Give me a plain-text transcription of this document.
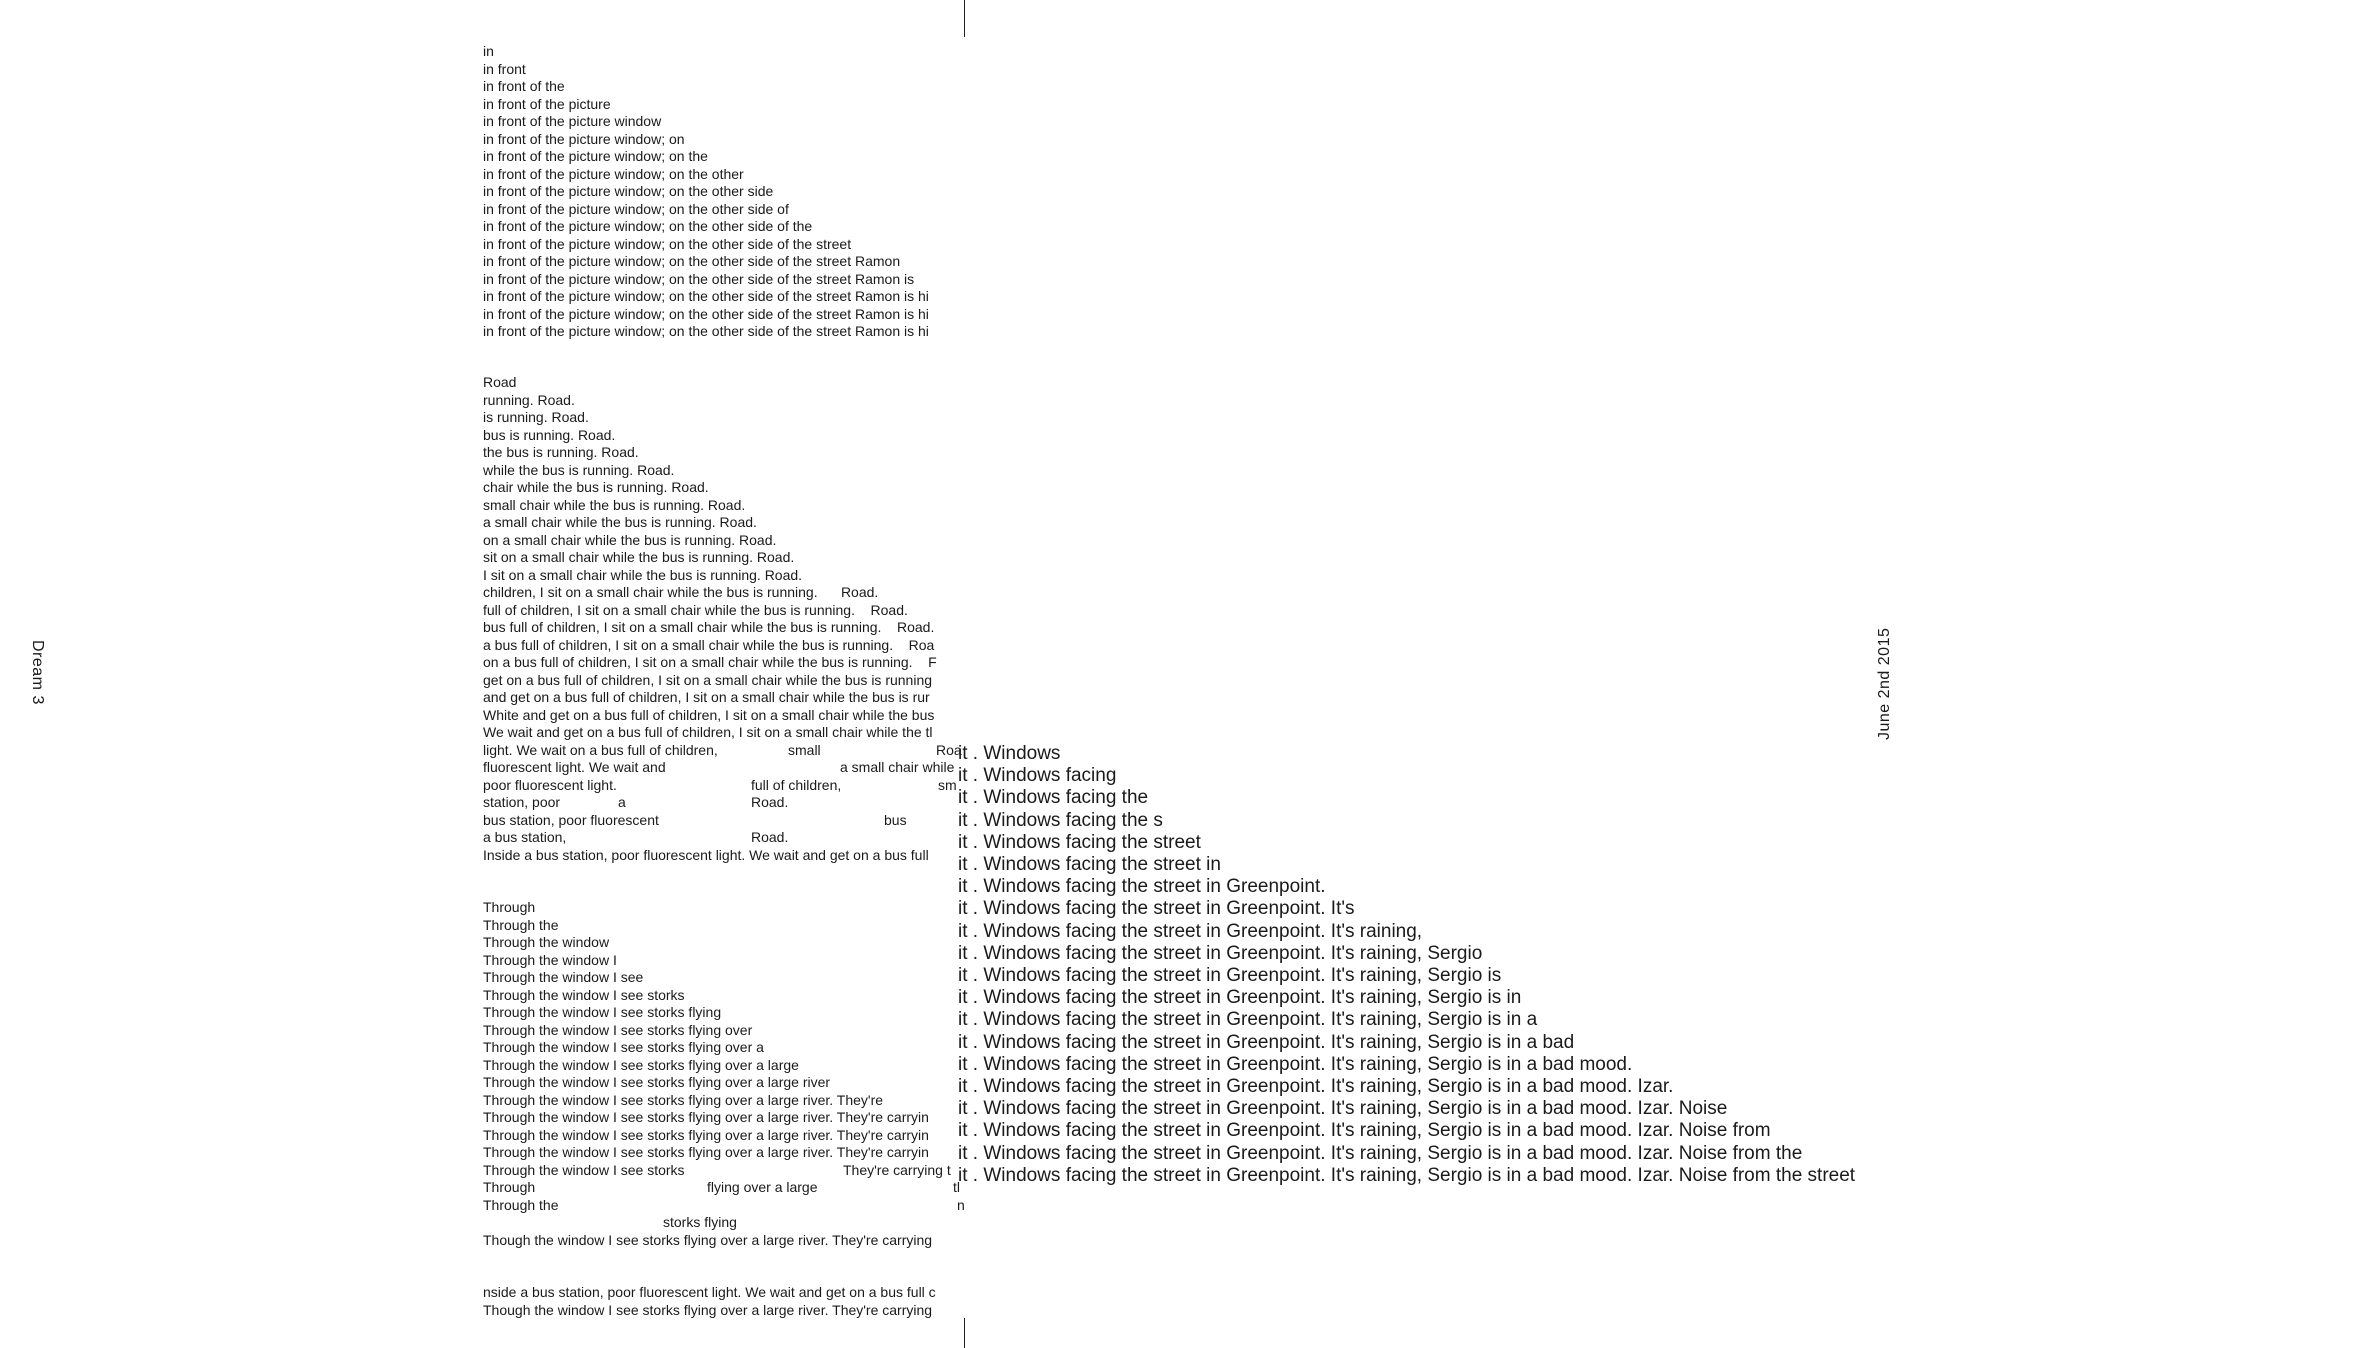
Dream 3	June 2nd 2015
in
in front
in front of the
in front of the picture
in front of the picture window
in front of the picture window; on
in front of the picture window; on the
in front of the picture window; on the other
in front of the picture window; on the other side
in front of the picture window; on the other side of
in front of the picture window; on the other side of the
in front of the picture window; on the other side of the street
in front of the picture window; on the other side of the street Ramon
in front of the picture window; on the other side of the street Ramon is
in front of the picture window; on the other side of the street Ramon is hi
in front of the picture window; on the other side of the street Ramon is hi
in front of the picture window; on the other side of the street Ramon is hi
Road
running. Road.
is running. Road.
bus is running. Road.
the bus is running. Road.
while the bus is running. Road.
chair while the bus is running. Road.
small chair while the bus is running. Road.
a small chair while the bus is running. Road.
on a small chair while the bus is running. Road.
sit on a small chair while the bus is running. Road.
I sit on a small chair while the bus is running. Road.
children, I sit on a small chair while the bus is running.      Road.
full of children, I sit on a small chair while the bus is running.    Road.
bus full of children, I sit on a small chair while the bus is running.    Road.
a bus full of children, I sit on a small chair while the bus is running.    Roa
on a bus full of children, I sit on a small chair while the bus is running.    F
get on a bus full of children, I sit on a small chair while the bus is running
and get on a bus full of children, I sit on a small chair while the bus is rur
White and get on a bus full of children, I sit on a small chair while the bus
We wait and get on a bus full of children, I sit on a small chair while the tl
light. We wait on a bus full of children,	small	Roa
fluorescent light. We wait and	a small chair while
poor fluorescent light.	full of children,	sm
station, poor	a	Road.
bus station, poor fluorescent	bus
a bus station,	Road.
Inside a bus station, poor fluorescent light. We wait and get on a bus full
Through
Through the
Through the window
Through the window I
Through the window I see
Through the window I see storks
Through the window I see storks flying
Through the window I see storks flying over
Through the window I see storks flying over a
Through the window I see storks flying over a large
Through the window I see storks flying over a large river
Through the window I see storks flying over a large river. They're
Through the window I see storks flying over a large river. They're carryin
Through the window I see storks flying over a large river. They're carryin
Through the window I see storks flying over a large river. They're carryin
Through the window I see storks	They're carrying t
Through	flying over a large	tl
Through the	n
storks flying
Though the window I see storks flying over a large river. They're carrying
nside a bus station, poor fluorescent light. We wait and get on a bus full c
Though the window I see storks flying over a large river. They're carrying
it . Windows
it . Windows facing
it . Windows facing the
it . Windows facing the s
it . Windows facing the street
it . Windows facing the street in
it . Windows facing the street in Greenpoint.
it . Windows facing the street in Greenpoint. It's
it . Windows facing the street in Greenpoint. It's raining,
it . Windows facing the street in Greenpoint. It's raining, Sergio
it . Windows facing the street in Greenpoint. It's raining, Sergio is
it . Windows facing the street in Greenpoint. It's raining, Sergio is in
it . Windows facing the street in Greenpoint. It's raining, Sergio is in a
it . Windows facing the street in Greenpoint. It's raining, Sergio is in a bad
it . Windows facing the street in Greenpoint. It's raining, Sergio is in a bad mood.
it . Windows facing the street in Greenpoint. It's raining, Sergio is in a bad mood. Izar.
it . Windows facing the street in Greenpoint. It's raining, Sergio is in a bad mood. Izar. Noise
it . Windows facing the street in Greenpoint. It's raining, Sergio is in a bad mood. Izar. Noise from
it . Windows facing the street in Greenpoint. It's raining, Sergio is in a bad mood. Izar. Noise from the
it . Windows facing the street in Greenpoint. It's raining, Sergio is in a bad mood. Izar. Noise from the street
